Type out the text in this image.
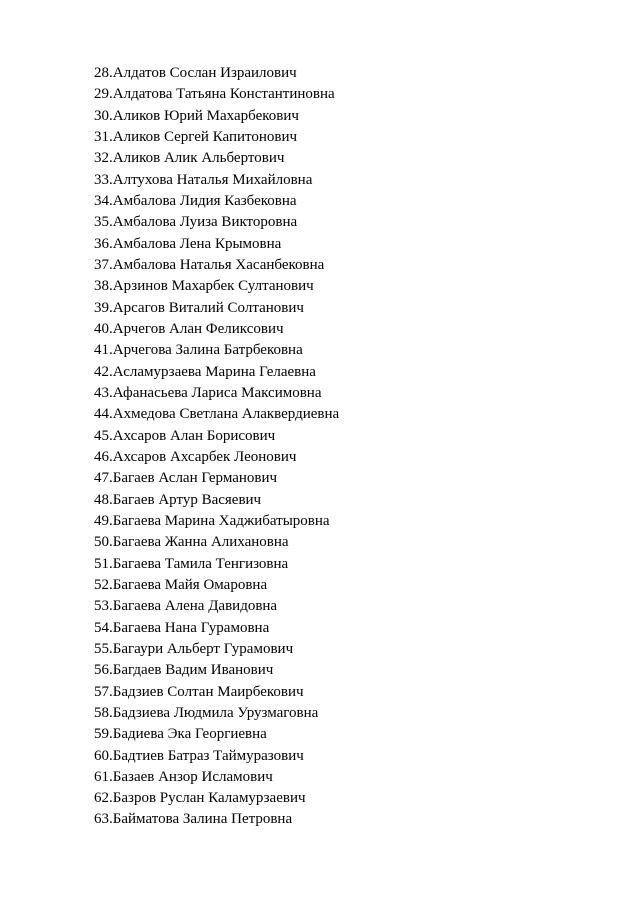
28.Алдатов Сослан Израилович
29.Алдатова Татьяна Константиновна
30.Аликов Юрий Махарбекович
31.Аликов Сергей Капитонович
32.Аликов Алик Альбертович
33.Алтухова Наталья Михайловна
34.Амбалова Лидия Казбековна
35.Амбалова Луиза Викторовна
36.Амбалова Лена Крымовна
37.Амбалова Наталья Хасанбековна
38.Арзинов Махарбек Султанович
39.Арсагов Виталий Солтанович
40.Арчегов Алан Феликсович
41.Арчегова Залина Батрбековна
42.Асламурзаева Марина Гелаевна
43.Афанасьева Лариса Максимовна
44.Ахмедова Светлана Алаквердиевна
45.Ахсаров Алан Борисович
46.Ахсаров Ахсарбек Леонович
47.Багаев Аслан Германович
48.Багаев Артур Васяевич
49.Багаева Марина Хаджибатыровна
50.Багаева Жанна Алихановна
51.Багаева Тамила Тенгизовна
52.Багаева Майя Омаровна
53.Багаева Алена Давидовна
54.Багаева Нана Гурамовна
55.Багаури Альберт Гурамович
56.Багдаев Вадим Иванович
57.Бадзиев Солтан Маирбекович
58.Бадзиева Людмила Урузмаговна
59.Бадиева Эка Георгиевна
60.Бадтиев Батраз Таймуразович
61.Базаев Анзор Исламович
62.Базров Руслан Каламурзаевич
63.Байматова Залина Петровна
